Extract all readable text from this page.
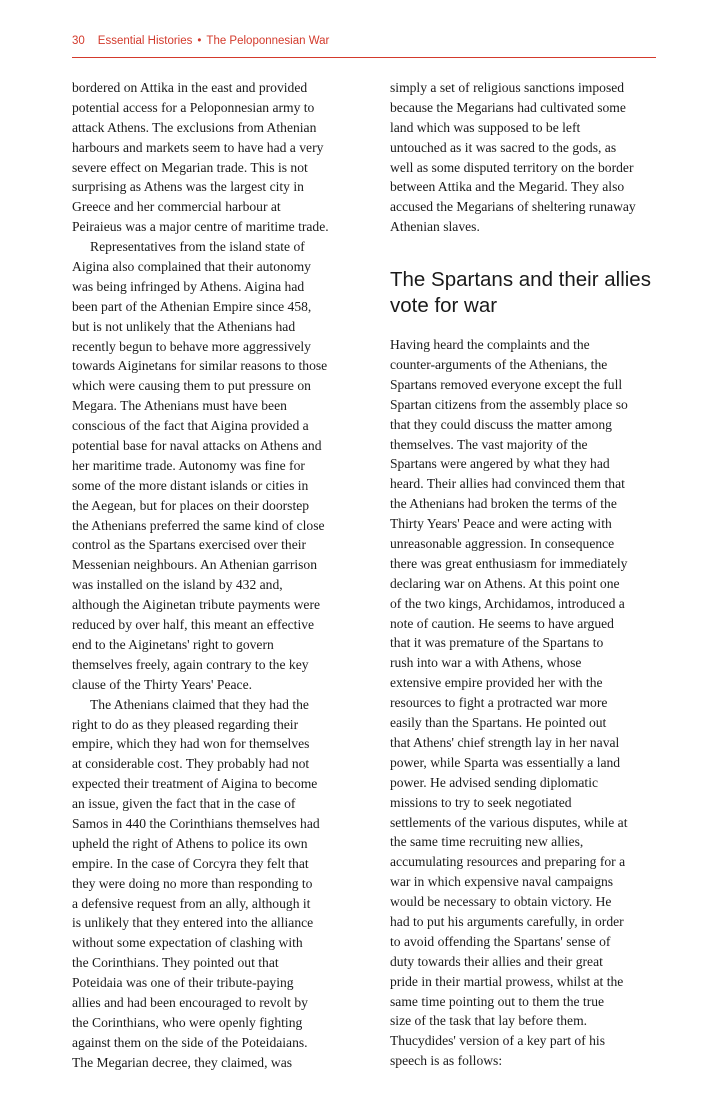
30 Essential Histories • The Peloponnesian War
bordered on Attika in the east and provided
potential access for a Peloponnesian army to
attack Athens. The exclusions from Athenian
harbours and markets seem to have had a very
severe effect on Megarian trade. This is not
surprising as Athens was the largest city in
Greece and her commercial harbour at
Peiraieus was a major centre of maritime trade.
Representatives from the island state of
Aigina also complained that their autonomy
was being infringed by Athens. Aigina had
been part of the Athenian Empire since 458,
but is not unlikely that the Athenians had
recently begun to behave more aggressively
towards Aiginetans for similar reasons to those
which were causing them to put pressure on
Megara. The Athenians must have been
conscious of the fact that Aigina provided a
potential base for naval attacks on Athens and
her maritime trade. Autonomy was fine for
some of the more distant islands or cities in
the Aegean, but for places on their doorstep
the Athenians preferred the same kind of close
control as the Spartans exercised over their
Messenian neighbours. An Athenian garrison
was installed on the island by 432 and,
although the Aiginetan tribute payments were
reduced by over half, this meant an effective
end to the Aiginetans' right to govern
themselves freely, again contrary to the key
clause of the Thirty Years' Peace.
The Athenians claimed that they had the
right to do as they pleased regarding their
empire, which they had won for themselves
at considerable cost. They probably had not
expected their treatment of Aigina to become
an issue, given the fact that in the case of
Samos in 440 the Corinthians themselves had
upheld the right of Athens to police its own
empire. In the case of Corcyra they felt that
they were doing no more than responding to
a defensive request from an ally, although it
is unlikely that they entered into the alliance
without some expectation of clashing with
the Corinthians. They pointed out that
Poteidaia was one of their tribute-paying
allies and had been encouraged to revolt by
the Corinthians, who were openly fighting
against them on the side of the Poteidaians.
The Megarian decree, they claimed, was
simply a set of religious sanctions imposed
because the Megarians had cultivated some
land which was supposed to be left
untouched as it was sacred to the gods, as
well as some disputed territory on the border
between Attika and the Megarid. They also
accused the Megarians of sheltering runaway
Athenian slaves.
The Spartans and their allies
vote for war
Having heard the complaints and the
counter-arguments of the Athenians, the
Spartans removed everyone except the full
Spartan citizens from the assembly place so
that they could discuss the matter among
themselves. The vast majority of the
Spartans were angered by what they had
heard. Their allies had convinced them that
the Athenians had broken the terms of the
Thirty Years' Peace and were acting with
unreasonable aggression. In consequence
there was great enthusiasm for immediately
declaring war on Athens. At this point one
of the two kings, Archidamos, introduced a
note of caution. He seems to have argued
that it was premature of the Spartans to
rush into war a with Athens, whose
extensive empire provided her with the
resources to fight a protracted war more
easily than the Spartans. He pointed out
that Athens' chief strength lay in her naval
power, while Sparta was essentially a land
power. He advised sending diplomatic
missions to try to seek negotiated
settlements of the various disputes, while at
the same time recruiting new allies,
accumulating resources and preparing for a
war in which expensive naval campaigns
would be necessary to obtain victory. He
had to put his arguments carefully, in order
to avoid offending the Spartans' sense of
duty towards their allies and their great
pride in their martial prowess, whilst at the
same time pointing out to them the true
size of the task that lay before them.
Thucydides' version of a key part of his
speech is as follows:
